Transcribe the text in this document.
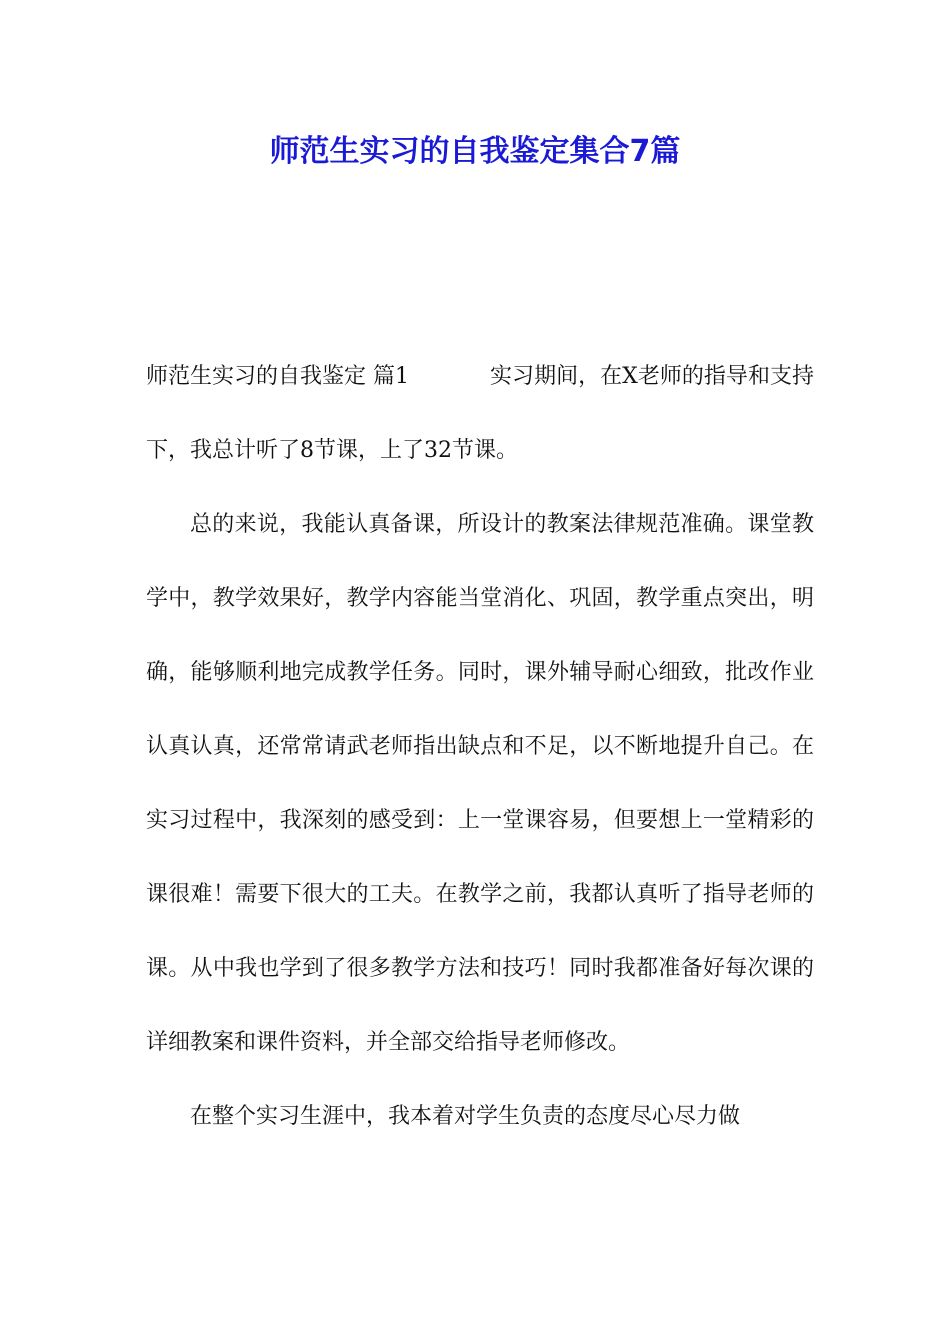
师范生实习的自我鉴定集合7篇

师范生实习的自我鉴定 篇1	实习期间，在X老师的指导和支持下，我总计听了8节课，上了32节课。

总的来说，我能认真备课，所设计的教案法律规范准确。课堂教学中，教学效果好，教学内容能当堂消化、巩固，教学重点突出，明确，能够顺利地完成教学任务。同时，课外辅导耐心细致，批改作业认真认真，还常常请武老师指出缺点和不足，以不断地提升自己。在实习过程中，我深刻的感受到：上一堂课容易，但要想上一堂精彩的课很难！需要下很大的工夫。在教学之前，我都认真听了指导老师的课。从中我也学到了很多教学方法和技巧！同时我都准备好每次课的详细教案和课件资料，并全部交给指导老师修改。

在整个实习生涯中，我本着对学生负责的态度尽心尽力做
